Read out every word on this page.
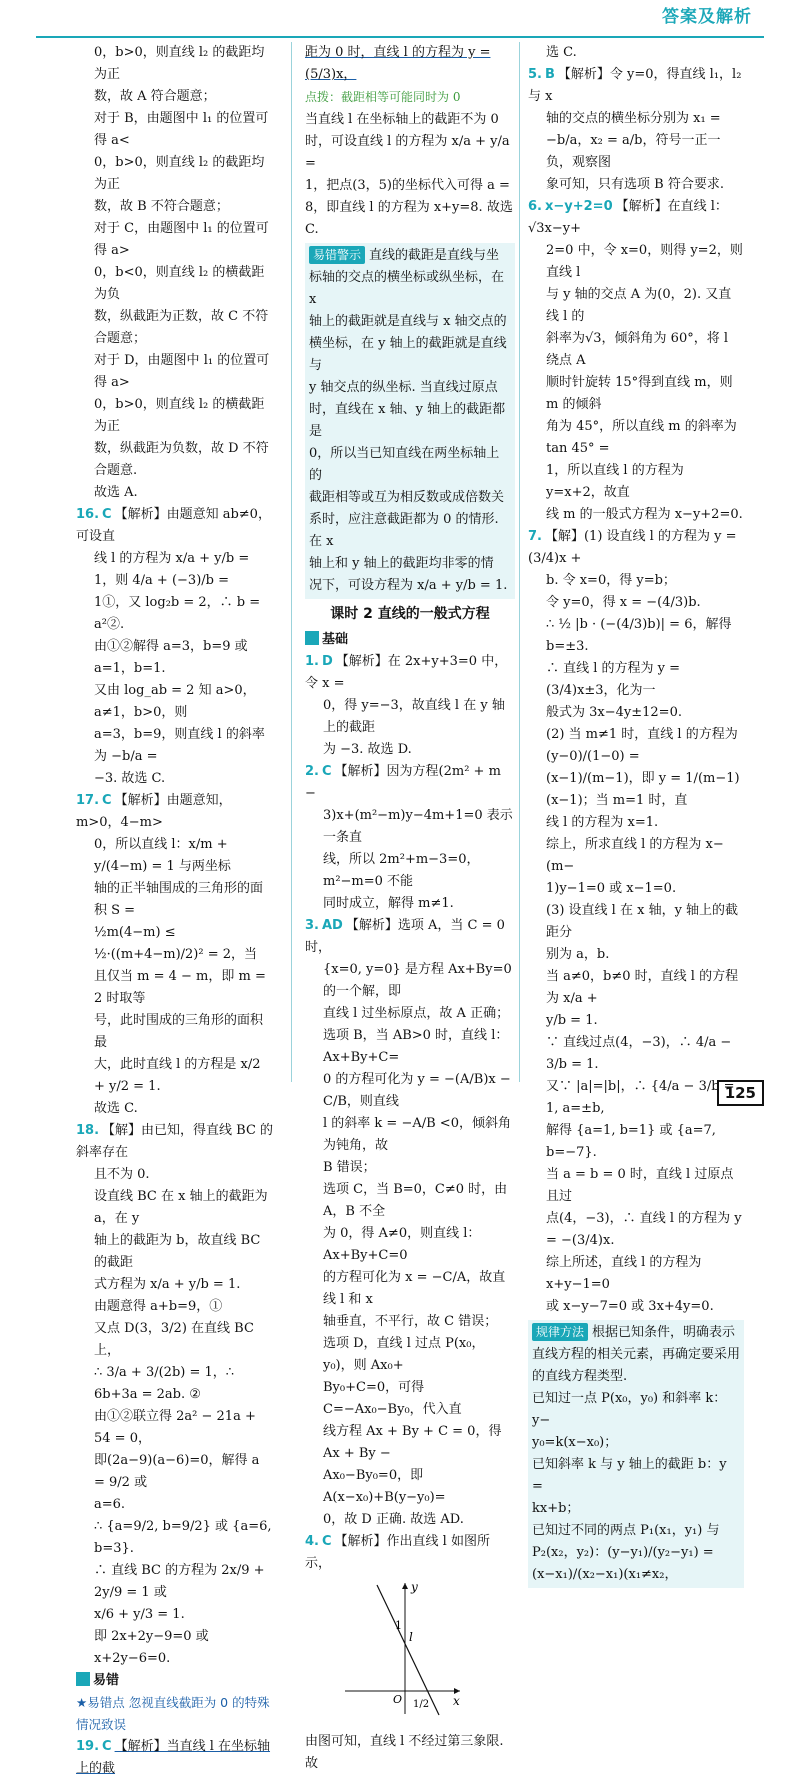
答案及解析

0，b>0，则直线 l₂ 的截距均为正

数，故 A 符合题意；

对于 B，由题图中 l₁ 的位置可得 a<

0，b>0，则直线 l₂ 的截距均为正

数，故 B 不符合题意；

对于 C，由题图中 l₁ 的位置可得 a>

0，b<0，则直线 l₂ 的横截距为负

数，纵截距为正数，故 C 不符合题意；

对于 D，由题图中 l₁ 的位置可得 a>

0，b>0，则直线 l₂ 的横截距为正

数，纵截距为负数，故 D 不符合题意.

故选 A.

16. C 【解析】由题意知 ab≠0，可设直

线 l 的方程为 x/a + y/b = 1，则 4/a + (−3)/b =

1①，又 log₂b = 2，∴ b = a²②.

由①②解得 a=3，b=9 或 a=1，b=1.

又由 log_ab = 2 知 a>0，a≠1，b>0，则

a=3，b=9，则直线 l 的斜率为 −b/a =

−3. 故选 C.

17. C 【解析】由题意知，m>0，4−m>

0，所以直线 l：x/m + y/(4−m) = 1 与两坐标

轴的正半轴围成的三角形的面积 S =

½m(4−m) ≤ ½·((m+4−m)/2)² = 2，当

且仅当 m = 4 − m，即 m = 2 时取等

号，此时围成的三角形的面积最

大，此时直线 l 的方程是 x/2 + y/2 = 1.

故选 C.

18. 【解】由已知，得直线 BC 的斜率存在

且不为 0.

设直线 BC 在 x 轴上的截距为 a，在 y

轴上的截距为 b，故直线 BC 的截距

式方程为 x/a + y/b = 1.

由题意得 a+b=9，①

又点 D(3，3/2) 在直线 BC 上，

∴ 3/a + 3/(2b) = 1，∴ 6b+3a = 2ab. ②

由①②联立得 2a² − 21a + 54 = 0，

即(2a−9)(a−6)=0，解得 a = 9/2 或

a=6.

∴ {a=9/2, b=9/2} 或 {a=6, b=3}.

∴ 直线 BC 的方程为 2x/9 + 2y/9 = 1 或

x/6 + y/3 = 1.

即 2x+2y−9=0 或 x+2y−6=0.

易错

★易错点 忽视直线截距为 0 的特殊情况致误

19. C 【解析】当直线 l 在坐标轴上的截

距为 0 时，直线 l 的方程为 y = (5/3)x，

点拨：截距相等可能同时为 0

当直线 l 在坐标轴上的截距不为 0

时，可设直线 l 的方程为 x/a + y/a =

1，把点(3，5)的坐标代入可得 a =

8，即直线 l 的方程为 x+y=8. 故选 C.

易错警示 直线的截距是直线与坐
标轴的交点的横坐标或纵坐标，在 x
轴上的截距就是直线与 x 轴交点的
横坐标，在 y 轴上的截距就是直线与
y 轴交点的纵坐标. 当直线过原点
时，直线在 x 轴、y 轴上的截距都是
0，所以当已知直线在两坐标轴上的
截距相等或互为相反数或成倍数关
系时，应注意截距都为 0 的情形. 在 x
轴上和 y 轴上的截距均非零的情
况下，可设方程为 x/a + y/b = 1.

课时 2 直线的一般式方程

基础

1. D 【解析】在 2x+y+3=0 中，令 x =

0，得 y=−3，故直线 l 在 y 轴上的截距

为 −3. 故选 D.

2. C 【解析】因为方程(2m² + m −

3)x+(m²−m)y−4m+1=0 表示一条直

线，所以 2m²+m−3=0，m²−m=0 不能

同时成立，解得 m≠1.

3. AD 【解析】选项 A，当 C = 0 时，

{x=0, y=0} 是方程 Ax+By=0 的一个解，即

直线 l 过坐标原点，故 A 正确；

选项 B，当 AB>0 时，直线 l：Ax+By+C=

0 的方程可化为 y = −(A/B)x − C/B，则直线

l 的斜率 k = −A/B <0，倾斜角为钝角，故

B 错误；

选项 C，当 B=0，C≠0 时，由 A，B 不全

为 0，得 A≠0，则直线 l：Ax+By+C=0

的方程可化为 x = −C/A，故直线 l 和 x

轴垂直，不平行，故 C 错误；

选项 D，直线 l 过点 P(x₀，y₀)，则 Ax₀+

By₀+C=0，可得 C=−Ax₀−By₀，代入直

线方程 Ax + By + C = 0，得 Ax + By −

Ax₀−By₀=0，即 A(x−x₀)+B(y−y₀)=

0，故 D 正确. 故选 AD.

4. C 【解析】作出直线 l 如图所示，

y
x
O
l
1
1/2

由图可知，直线 l 不经过第三象限. 故

选 C.

5. B 【解析】令 y=0，得直线 l₁，l₂ 与 x

轴的交点的横坐标分别为 x₁ =

−b/a，x₂ = a/b，符号一正一负，观察图

象可知，只有选项 B 符合要求.

6. x−y+2=0 【解析】在直线 l：√3x−y+

2=0 中，令 x=0，则得 y=2，则直线 l

与 y 轴的交点 A 为(0，2). 又直线 l 的

斜率为√3，倾斜角为 60°，将 l 绕点 A

顺时针旋转 15°得到直线 m，则 m 的倾斜

角为 45°，所以直线 m 的斜率为 tan 45° =

1，所以直线 l 的方程为 y=x+2，故直

线 m 的一般式方程为 x−y+2=0.

7. 【解】(1) 设直线 l 的方程为 y = (3/4)x +

b. 令 x=0，得 y=b；

令 y=0，得 x = −(4/3)b.

∴ ½ |b · (−(4/3)b)| = 6，解得 b=±3.

∴ 直线 l 的方程为 y = (3/4)x±3，化为一

般式为 3x−4y±12=0.

(2) 当 m≠1 时，直线 l 的方程为 (y−0)/(1−0) =

(x−1)/(m−1)，即 y = 1/(m−1)(x−1)；当 m=1 时，直

线 l 的方程为 x=1.

综上，所求直线 l 的方程为 x−(m−

1)y−1=0 或 x−1=0.

(3) 设直线 l 在 x 轴，y 轴上的截距分

别为 a，b.

当 a≠0，b≠0 时，直线 l 的方程为 x/a +

y/b = 1.

∵ 直线过点(4，−3)，∴ 4/a − 3/b = 1.

又∵ |a|=|b|，∴ {4/a − 3/b = 1, a=±b,

解得 {a=1, b=1} 或 {a=7, b=−7}.

当 a = b = 0 时，直线 l 过原点且过

点(4，−3)，∴ 直线 l 的方程为 y = −(3/4)x.

综上所述，直线 l 的方程为 x+y−1=0

或 x−y−7=0 或 3x+4y=0.

规律方法 根据已知条件，明确表示
直线方程的相关元素，再确定要采用
的直线方程类型.
已知过一点 P(x₀，y₀) 和斜率 k：y−
y₀=k(x−x₀)；
已知斜率 k 与 y 轴上的截距 b：y =
kx+b；
已知过不同的两点 P₁(x₁，y₁) 与
P₂(x₂，y₂)：(y−y₁)/(y₂−y₁) = (x−x₁)/(x₂−x₁)(x₁≠x₂，
125
